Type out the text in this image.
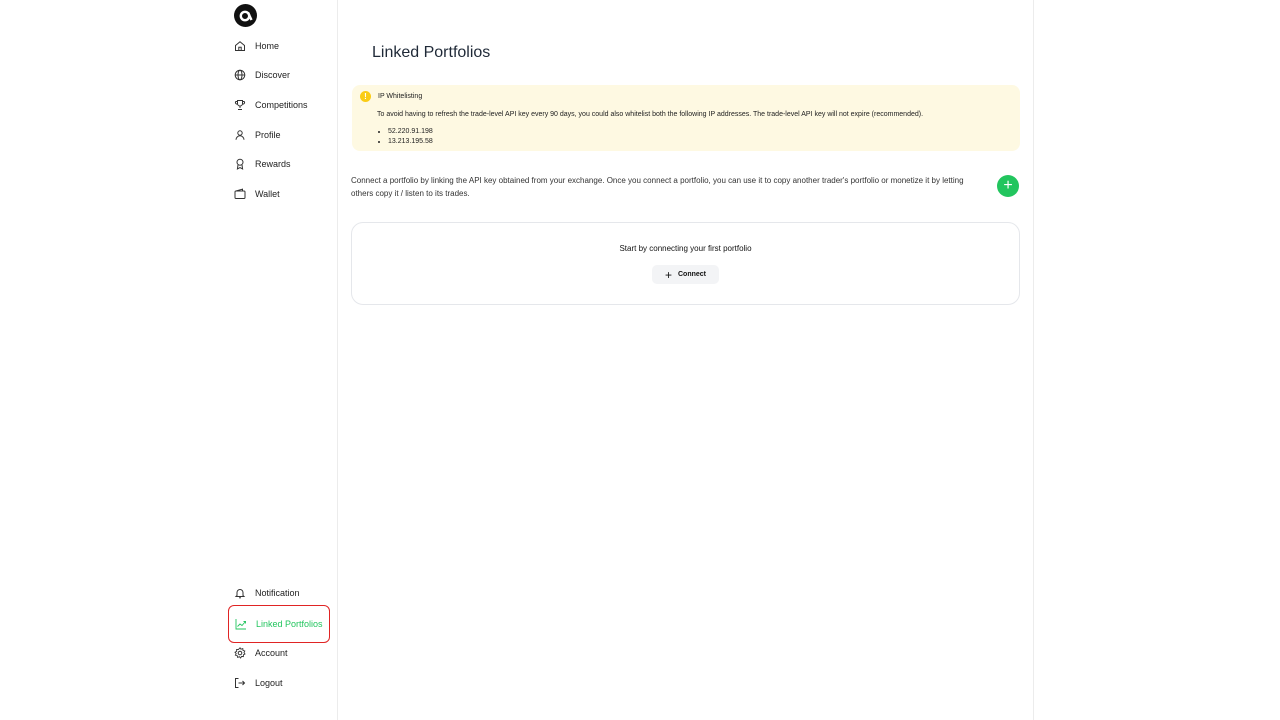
Home
Discover
Competitions
Profile
Rewards
Wallet
Notification
Linked Portfolios
Account
Logout
Linked Portfolios
!	IP Whitelisting

To avoid having to refresh the trade-level API key every 90 days, you could also whitelist both the following IP addresses. The trade-level API key will not expire (recommended).

• 52.220.91.198
• 13.213.195.58

Connect a portfolio by linking the API key obtained from your exchange. Once you connect a portfolio, you can use it to copy another trader's portfolio or monetize it by letting others copy it / listen to its trades.	+

Start by connecting your first portfolio

+ Connect
